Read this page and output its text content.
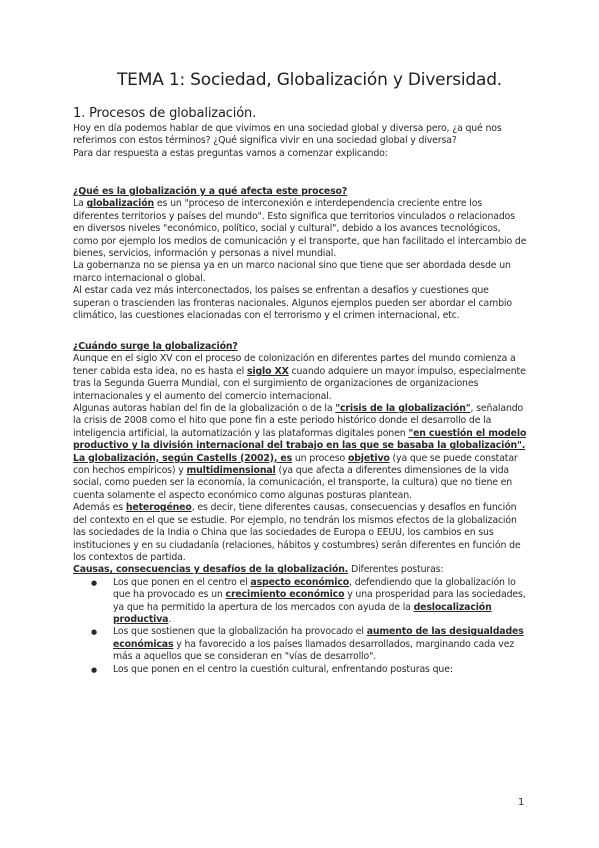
TEMA 1: Sociedad, Globalización y Diversidad.
1. Procesos de globalización.
Hoy en día podemos hablar de que vivimos en una sociedad global y diversa pero, ¿a qué nos referimos con estos términos? ¿Qué significa vivir en una sociedad global y diversa?
Para dar respuesta a estas preguntas vamos a comenzar explicando:
¿Qué es la globalización y a qué afecta este proceso?
La globalización es un "proceso de interconexión e interdependencia creciente entre los diferentes territorios y países del mundo". Esto significa que territorios vinculados o relacionados en diversos niveles "económico, político, social y cultural", debido a los avances tecnológicos, como por ejemplo los medios de comunicación y el transporte, que han facilitado el intercambio de bienes, servicios, información y personas a nivel mundial.
La gobernanza no se piensa ya en un marco nacional sino que tiene que ser abordada desde un marco internacional o global.
Al estar cada vez más interconectados, los países se enfrentan a desafíos y cuestiones que superan o trascienden las fronteras nacionales. Algunos ejemplos pueden ser abordar el cambio climático, las cuestiones elacionadas con el terrorismo y el crimen internacional, etc.
¿Cuándo surge la globalización?
Aunque en el siglo XV con el proceso de colonización en diferentes partes del mundo comienza a tener cabida esta idea, no es hasta el siglo XX cuando adquiere un mayor impulso, especialmente tras la Segunda Guerra Mundial, con el surgimiento de organizaciones de organizaciones internacionales y el aumento del comercio internacional.
Algunas autoras hablan del fin de la globalización o de la "crisis de la globalización", señalando la crisis de 2008 como el hito que pone fin a este periodo histórico donde el desarrollo de la inteligencia artificial, la automatización y las plataformas digitales ponen "en cuestión el modelo productivo y la división internacional del trabajo en las que se basaba la globalización".
La globalización, según Castells (2002), es un proceso objetivo (ya que se puede constatar con hechos empíricos) y multidimensional (ya que afecta a diferentes dimensiones de la vida social, como pueden ser la economía, la comunicación, el transporte, la cultura) que no tiene en cuenta solamente el aspecto económico como algunas posturas plantean.
Además es heterogéneo, es decir, tiene diferentes causas, consecuencias y desafíos en función del contexto en el que se estudie. Por ejemplo, no tendrán los mismos efectos de la globalización las sociedades de la India o China que las sociedades de Europa o EEUU, los cambios en sus instituciones y en su ciudadanía (relaciones, hábitos y costumbres) serán diferentes en función de los contextos de partida.
Causas, consecuencias y desafíos de la globalización. Diferentes posturas:
● Los que ponen en el centro el aspecto económico, defendiendo que la globalización lo que ha provocado es un crecimiento económico y una prosperidad para las sociedades, ya que ha permitido la apertura de los mercados con ayuda de la deslocalización productiva.
● Los que sostienen que la globalización ha provocado el aumento de las desigualdades económicas y ha favorecido a los países llamados desarrollados, marginando cada vez más a aquellos que se consideran en "vías de desarrollo".
● Los que ponen en el centro la cuestión cultural, enfrentando posturas que:
1
